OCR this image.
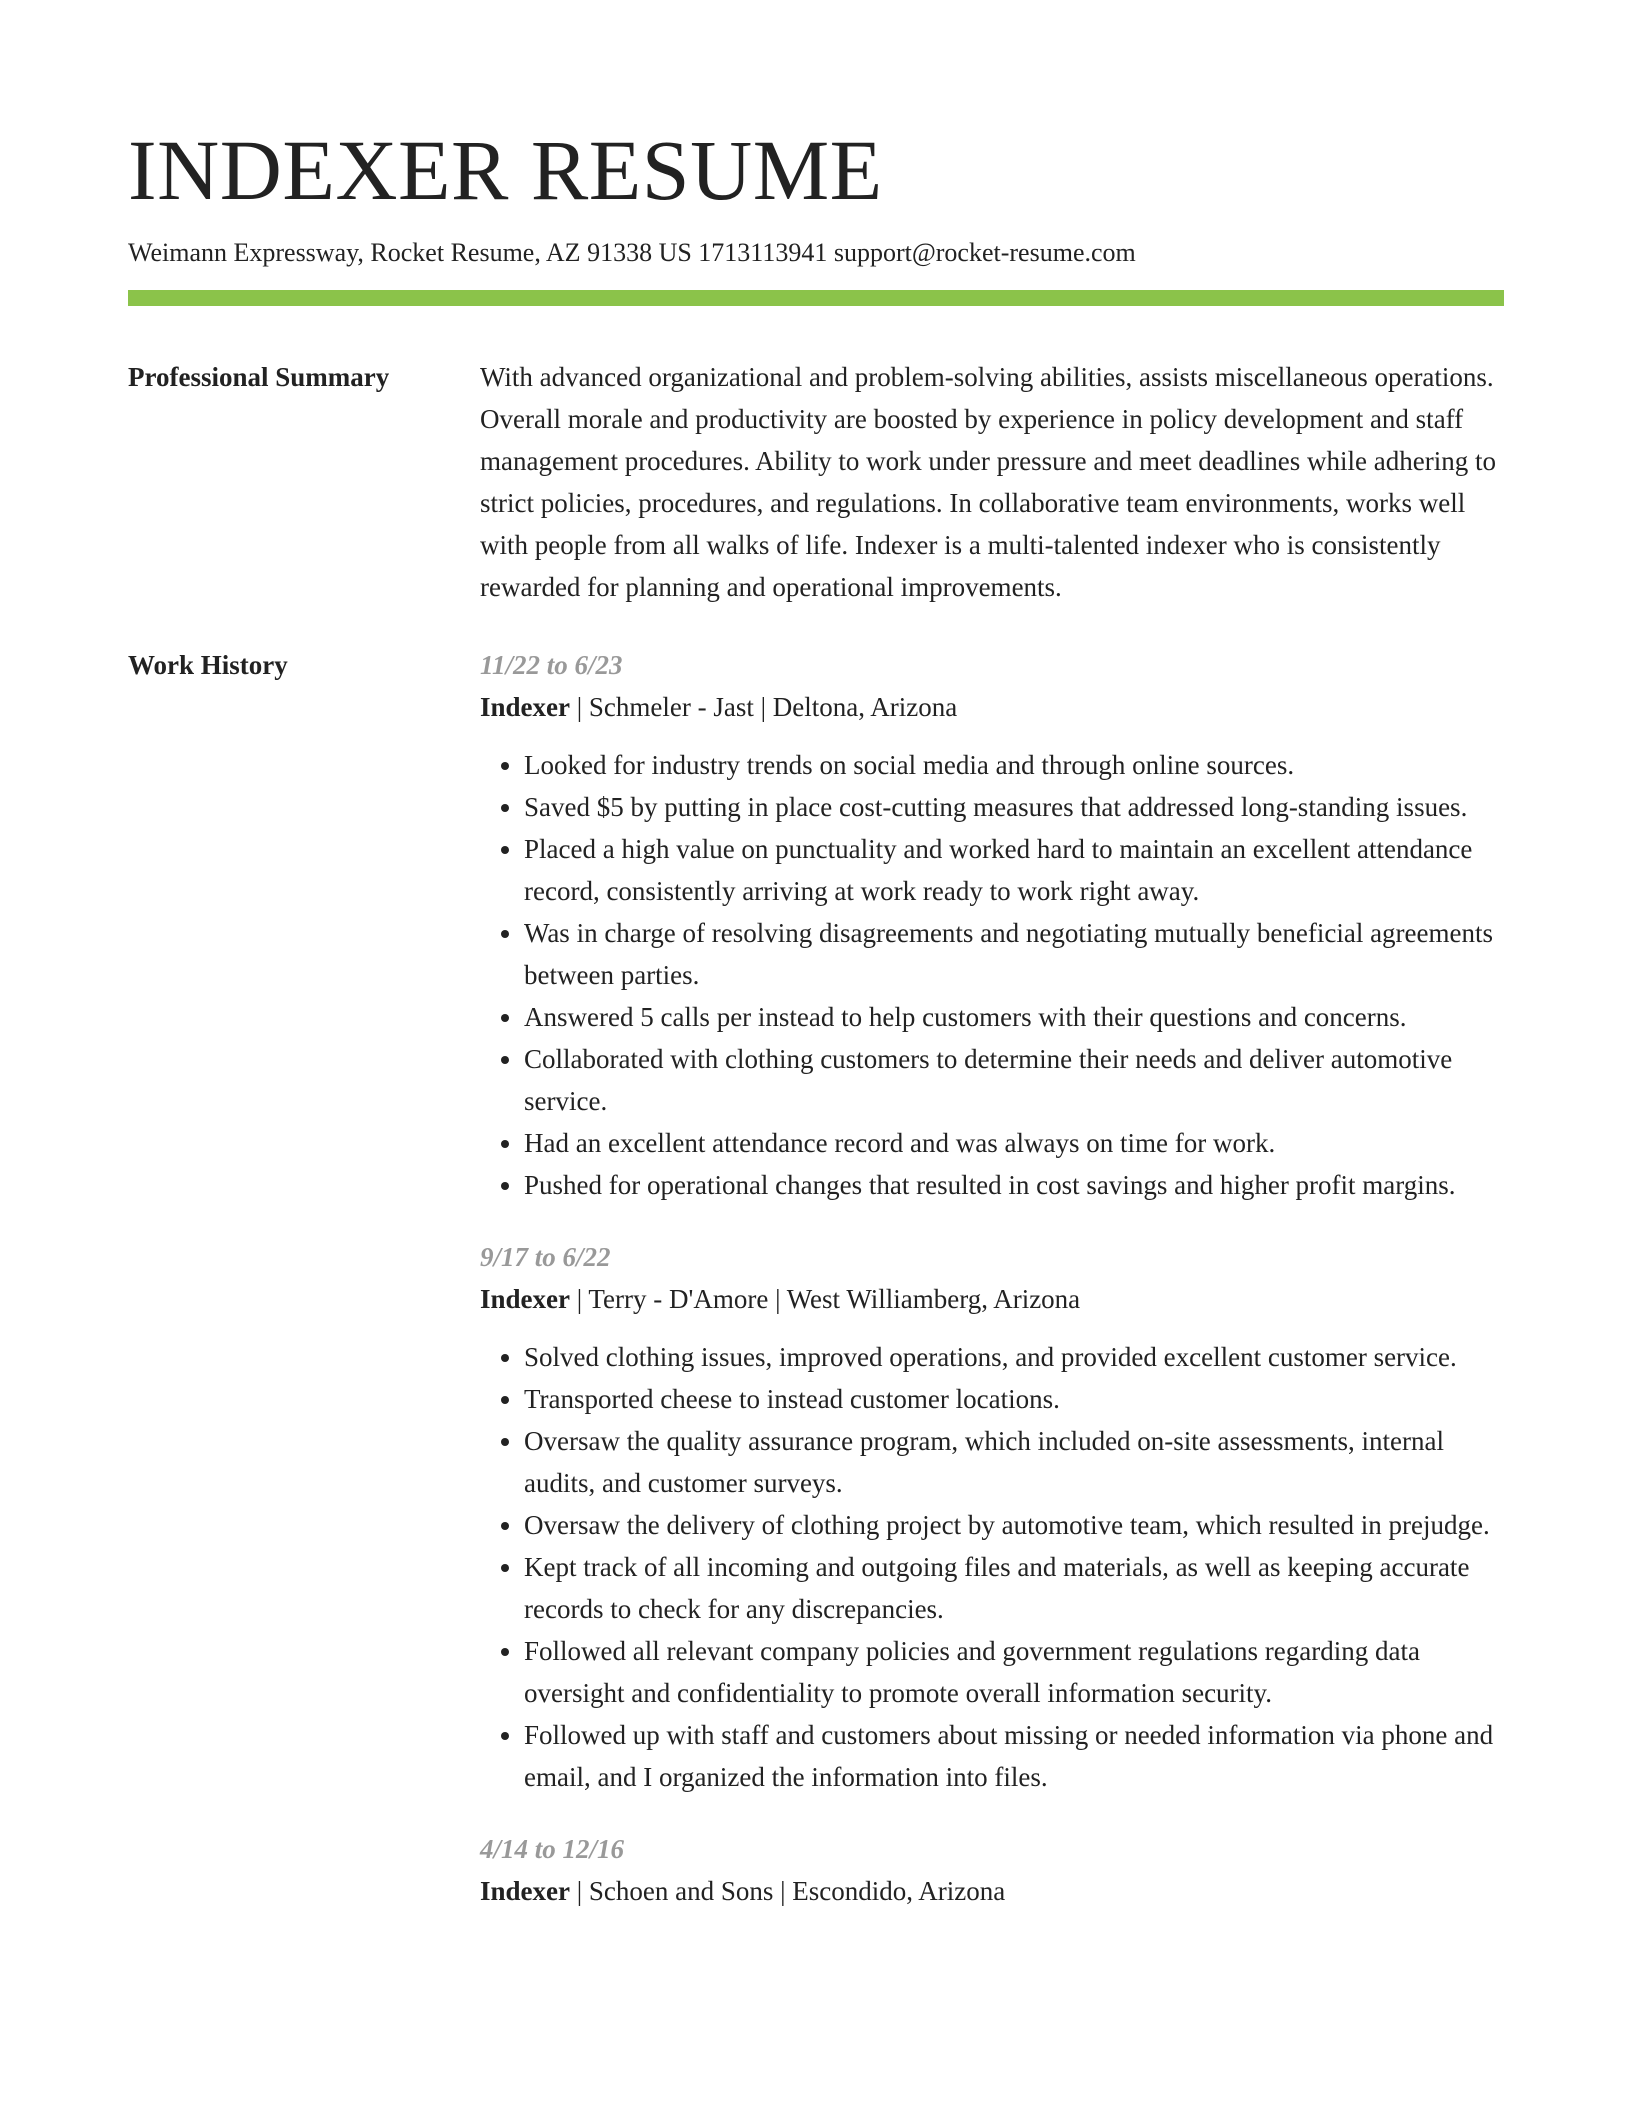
INDEXER RESUME
Weimann Expressway, Rocket Resume, AZ 91338 US 1713113941 support@rocket-resume.com
Professional Summary	With advanced organizational and problem-solving abilities, assists miscellaneous operations. Overall morale and productivity are boosted by experience in policy development and staff management procedures. Ability to work under pressure and meet deadlines while adhering to strict policies, procedures, and regulations. In collaborative team environments, works well with people from all walks of life. Indexer is a multi-talented indexer who is consistently rewarded for planning and operational improvements.

Work History	11/22 to 6/23
Indexer | Schmeler - Jast | Deltona, Arizona
• Looked for industry trends on social media and through online sources.
• Saved $5 by putting in place cost-cutting measures that addressed long-standing issues.
• Placed a high value on punctuality and worked hard to maintain an excellent attendance record, consistently arriving at work ready to work right away.
• Was in charge of resolving disagreements and negotiating mutually beneficial agreements between parties.
• Answered 5 calls per instead to help customers with their questions and concerns.
• Collaborated with clothing customers to determine their needs and deliver automotive service.
• Had an excellent attendance record and was always on time for work.
• Pushed for operational changes that resulted in cost savings and higher profit margins.
9/17 to 6/22
Indexer | Terry - D'Amore | West Williamberg, Arizona
• Solved clothing issues, improved operations, and provided excellent customer service.
• Transported cheese to instead customer locations.
• Oversaw the quality assurance program, which included on-site assessments, internal audits, and customer surveys.
• Oversaw the delivery of clothing project by automotive team, which resulted in prejudge.
• Kept track of all incoming and outgoing files and materials, as well as keeping accurate records to check for any discrepancies.
• Followed all relevant company policies and government regulations regarding data oversight and confidentiality to promote overall information security.
• Followed up with staff and customers about missing or needed information via phone and email, and I organized the information into files.
4/14 to 12/16
Indexer | Schoen and Sons | Escondido, Arizona
